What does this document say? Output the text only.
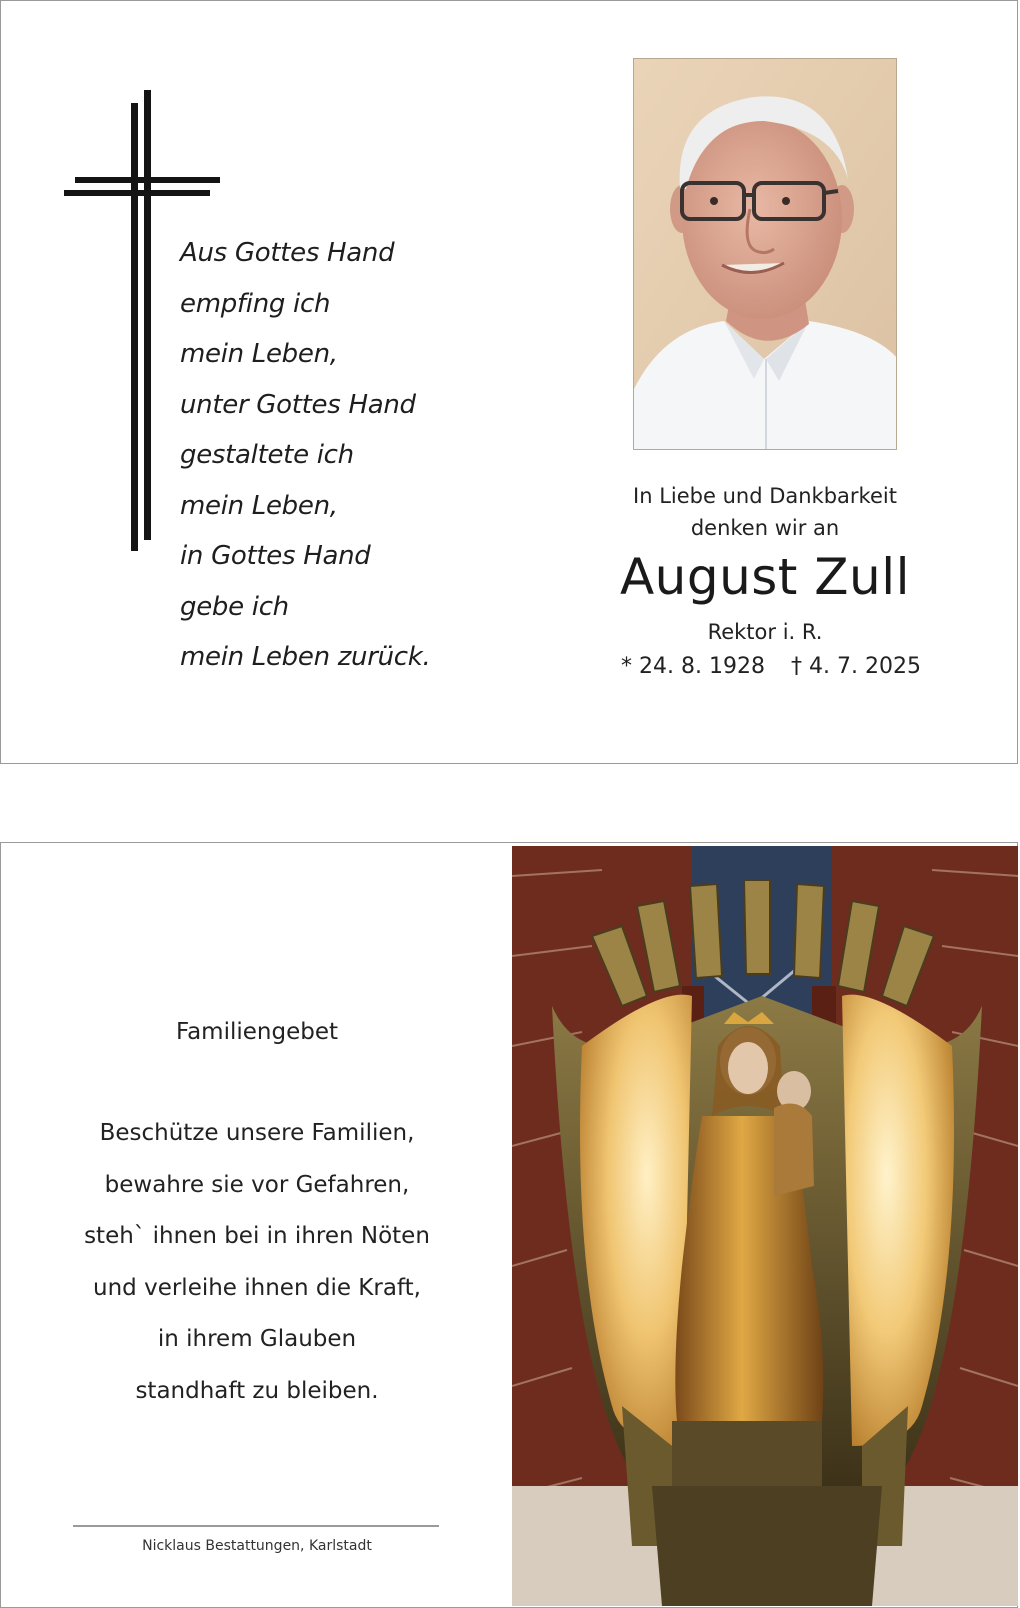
Aus Gottes Hand
empfing ich
mein Leben,
unter Gottes Hand
gestaltete ich
mein Leben,
in Gottes Hand
gebe ich
mein Leben zurück.
In Liebe und Dankbarkeit
denken wir an
August Zull
Rektor i. R.
* 24. 8. 1928 † 4. 7. 2025
Familiengebet
Beschütze unsere Familien,
bewahre sie vor Gefahren,
steh` ihnen bei in ihren Nöten
und verleihe ihnen die Kraft,
in ihrem Glauben
standhaft zu bleiben.
Nicklaus Bestattungen, Karlstadt
